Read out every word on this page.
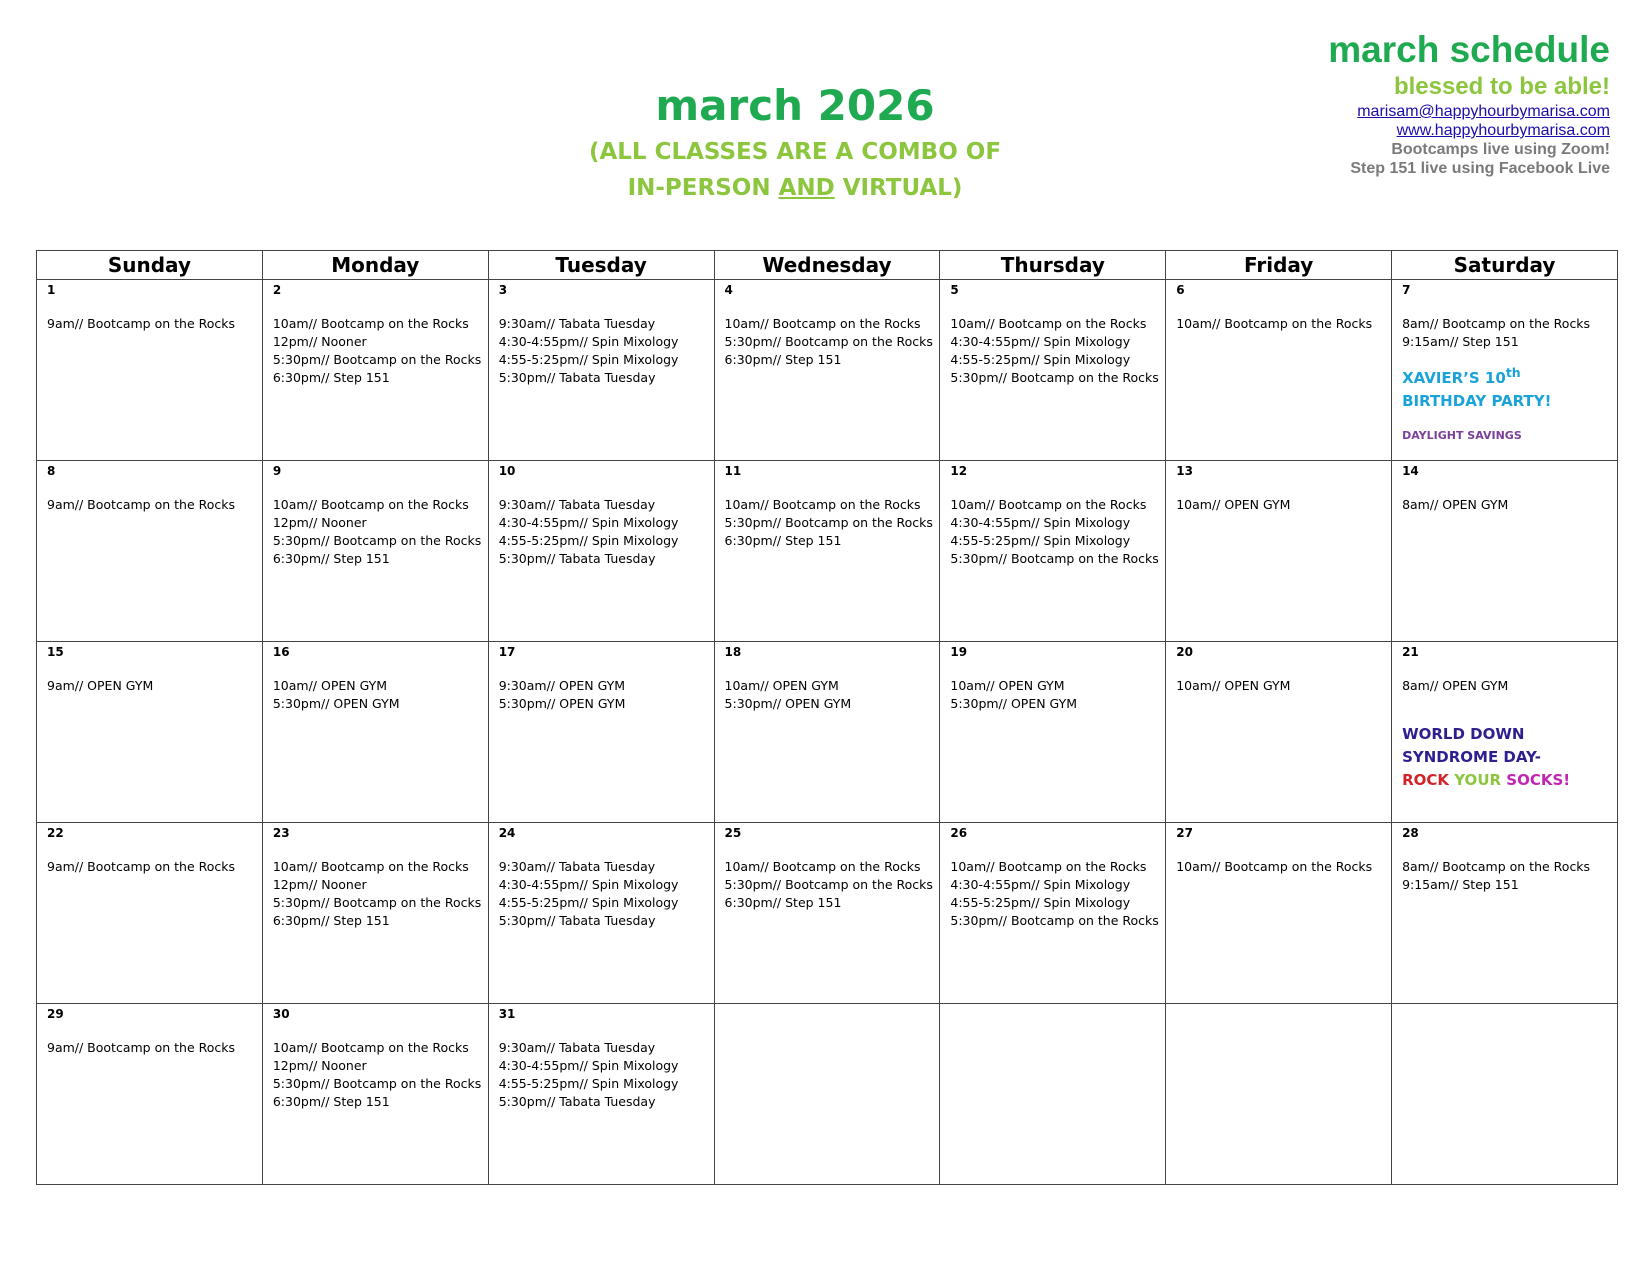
march 2026
(ALL CLASSES ARE A COMBO OF
IN-PERSON AND VIRTUAL)
march schedule
blessed to be able!
marisam@happyhourbymarisa.com
www.happyhourbymarisa.com
Bootcamps live using Zoom!
Step 151 live using Facebook Live
Sunday	Monday	Tuesday	Wednesday	Thursday	Friday	Saturday

1
9am// Bootcamp on the Rocks	2
10am// Bootcamp on the Rocks
12pm// Nooner
5:30pm// Bootcamp on the Rocks
6:30pm// Step 151	3
9:30am// Tabata Tuesday
4:30-4:55pm// Spin Mixology
4:55-5:25pm// Spin Mixology
5:30pm// Tabata Tuesday	4
10am// Bootcamp on the Rocks
5:30pm// Bootcamp on the Rocks
6:30pm// Step 151	5
10am// Bootcamp on the Rocks
4:30-4:55pm// Spin Mixology
4:55-5:25pm// Spin Mixology
5:30pm// Bootcamp on the Rocks	6
10am// Bootcamp on the Rocks	7
8am// Bootcamp on the Rocks
9:15am// Step 151
XAVIER’S 10th BIRTHDAY PARTY!
DAYLIGHT SAVINGS

8
9am// Bootcamp on the Rocks	9
10am// Bootcamp on the Rocks
12pm// Nooner
5:30pm// Bootcamp on the Rocks
6:30pm// Step 151	10
9:30am// Tabata Tuesday
4:30-4:55pm// Spin Mixology
4:55-5:25pm// Spin Mixology
5:30pm// Tabata Tuesday	11
10am// Bootcamp on the Rocks
5:30pm// Bootcamp on the Rocks
6:30pm// Step 151	12
10am// Bootcamp on the Rocks
4:30-4:55pm// Spin Mixology
4:55-5:25pm// Spin Mixology
5:30pm// Bootcamp on the Rocks	13
10am// OPEN GYM	14
8am// OPEN GYM

15
9am// OPEN GYM	16
10am// OPEN GYM
5:30pm// OPEN GYM	17
9:30am// OPEN GYM
5:30pm// OPEN GYM	18
10am// OPEN GYM
5:30pm// OPEN GYM	19
10am// OPEN GYM
5:30pm// OPEN GYM	20
10am// OPEN GYM	21
8am// OPEN GYM
WORLD DOWN SYNDROME DAY-
ROCK YOUR SOCKS!

22
9am// Bootcamp on the Rocks	23
10am// Bootcamp on the Rocks
12pm// Nooner
5:30pm// Bootcamp on the Rocks
6:30pm// Step 151	24
9:30am// Tabata Tuesday
4:30-4:55pm// Spin Mixology
4:55-5:25pm// Spin Mixology
5:30pm// Tabata Tuesday	25
10am// Bootcamp on the Rocks
5:30pm// Bootcamp on the Rocks
6:30pm// Step 151	26
10am// Bootcamp on the Rocks
4:30-4:55pm// Spin Mixology
4:55-5:25pm// Spin Mixology
5:30pm// Bootcamp on the Rocks	27
10am// Bootcamp on the Rocks	28
8am// Bootcamp on the Rocks
9:15am// Step 151

29
9am// Bootcamp on the Rocks	30
10am// Bootcamp on the Rocks
12pm// Nooner
5:30pm// Bootcamp on the Rocks
6:30pm// Step 151	31
9:30am// Tabata Tuesday
4:30-4:55pm// Spin Mixology
4:55-5:25pm// Spin Mixology
5:30pm// Tabata Tuesday				
